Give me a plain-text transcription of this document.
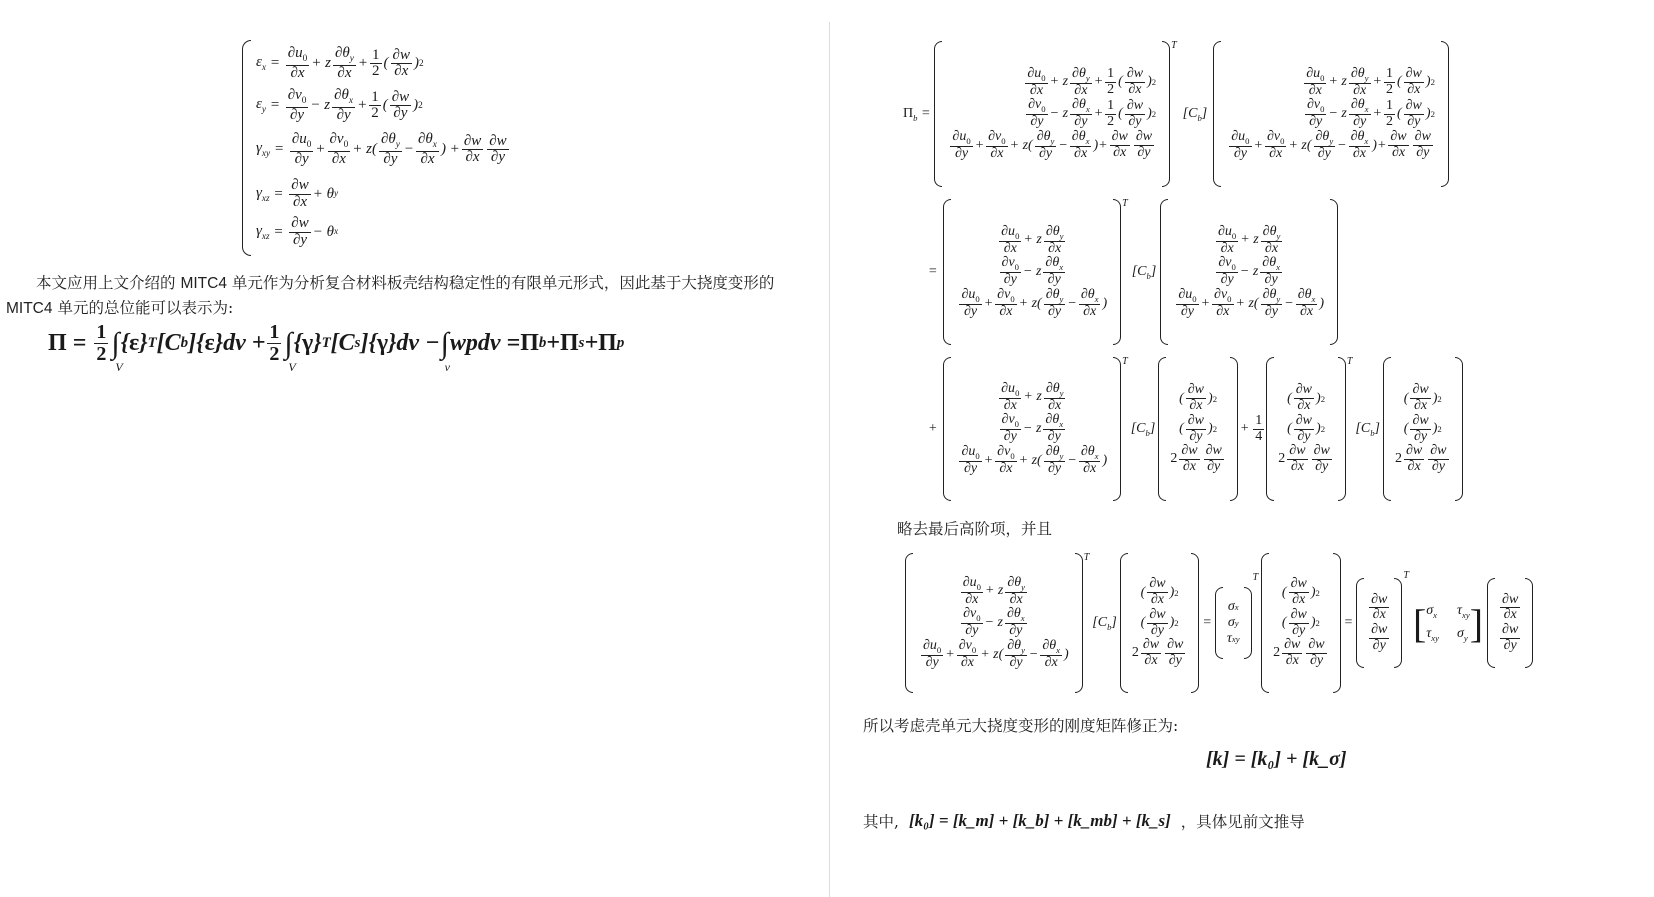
$\varepsilon_x = \frac{\partial u_0}{\partial x} + z \frac{\partial\theta_y}{\partial x} + \frac{1}{2}$ ( $\frac{\partial w}{\partial x}$ ) 2
$\varepsilon_y = \frac{\partial v_0}{\partial y} - z \frac{\partial\theta_x}{\partial y} + \frac{1}{2}$ ( $\frac{\partial w}{\partial y}$ ) 2
$\gamma_{xy} = \frac{\partial u_0}{\partial y} + \frac{\partial v_0}{\partial x} + z( \frac{\partial\theta_y}{\partial y} - \frac{\partial\theta_x}{\partial x}$ ) + $\frac{\partial w}{\partial x} \frac{\partial w}{\partial y}$
$\gamma_{xz} = \frac{\partial w}{\partial x} + \theta$ y
$\gamma_{xz} = \frac{\partial w}{\partial y} - \theta$ x
本文应用上文介绍的 MITC4 单元作为分析复合材料板壳结构稳定性的有限单元形式，因此基于大挠度变形的 MITC4 单元的总位能可以表示为:
$\Pi = \frac{1}{2}$ ∫
V
{ ε } T [C b ]{ ε }$dv + \frac{1}{2}$ ∫
V
{ γ } T [C s ]{ γ }dv − ∫
v
wpdv = Π b + Π s + Π p
$\Pi_b$ =
$\frac{\partial u_0}{\partial x} + z \frac{\partial\theta_y}{\partial x} + \frac{1}{2}$ ( $\frac{\partial w}{\partial x}$ ) 2
$\frac{\partial v_0}{\partial y} - z \frac{\partial\theta_x}{\partial y} + \frac{1}{2}$ ( $\frac{\partial w}{\partial y}$ ) 2
$\frac{\partial u_0}{\partial y} + \frac{\partial v_0}{\partial x} + z( \frac{\partial\theta_y}{\partial y} - \frac{\partial\theta_x}{\partial x}$ )+ $\frac{\partial w}{\partial x} \frac{\partial w}{\partial y}$
T
$[C_b]$
$\frac{\partial u_0}{\partial x} + z \frac{\partial\theta_y}{\partial x} + \frac{1}{2}$ ( $\frac{\partial w}{\partial x}$ ) 2
$\frac{\partial v_0}{\partial y} - z \frac{\partial\theta_x}{\partial y} + \frac{1}{2}$ ( $\frac{\partial w}{\partial y}$ ) 2
$\frac{\partial u_0}{\partial y} + \frac{\partial v_0}{\partial x} + z( \frac{\partial\theta_y}{\partial y} - \frac{\partial\theta_x}{\partial x}$ )+ $\frac{\partial w}{\partial x} \frac{\partial w}{\partial y}$
=
$\frac{\partial u_0}{\partial x} + z \frac{\partial\theta_y}{\partial x}$
$\frac{\partial v_0}{\partial y} - z \frac{\partial\theta_x}{\partial y}$
$\frac{\partial u_0}{\partial y} + \frac{\partial v_0}{\partial x} + z( \frac{\partial\theta_y}{\partial y} - \frac{\partial\theta_x}{\partial x}$ )
T
$[C_b]$
$\frac{\partial u_0}{\partial x} + z \frac{\partial\theta_y}{\partial x}$
$\frac{\partial v_0}{\partial y} - z \frac{\partial\theta_x}{\partial y}$
$\frac{\partial u_0}{\partial y} + \frac{\partial v_0}{\partial x} + z( \frac{\partial\theta_y}{\partial y} - \frac{\partial\theta_x}{\partial x}$ )
+
$\frac{\partial u_0}{\partial x} + z \frac{\partial\theta_y}{\partial x}$
$\frac{\partial v_0}{\partial y} - z \frac{\partial\theta_x}{\partial y}$
$\frac{\partial u_0}{\partial y} + \frac{\partial v_0}{\partial x} + z( \frac{\partial\theta_y}{\partial y} - \frac{\partial\theta_x}{\partial x}$ )
T
$[C_b]$
( $\frac{\partial w}{\partial x}$ ) 2
( $\frac{\partial w}{\partial y}$ ) 2
$2 \frac{\partial w}{\partial x} \frac{\partial w}{\partial y}$
+ $\frac{1}{4}$
( $\frac{\partial w}{\partial x}$ ) 2
( $\frac{\partial w}{\partial y}$ ) 2
$2 \frac{\partial w}{\partial x} \frac{\partial w}{\partial y}$
T
$[C_b]$
( $\frac{\partial w}{\partial x}$ ) 2
( $\frac{\partial w}{\partial y}$ ) 2
$2 \frac{\partial w}{\partial x} \frac{\partial w}{\partial y}$
略去最后高阶项，并且
$\frac{\partial u_0}{\partial x} + z \frac{\partial\theta_y}{\partial x}$
$\frac{\partial v_0}{\partial y} - z \frac{\partial\theta_x}{\partial y}$
$\frac{\partial u_0}{\partial y} + \frac{\partial v_0}{\partial x} + z( \frac{\partial\theta_y}{\partial y} - \frac{\partial\theta_x}{\partial x}$ )
T
$[C_b]$
( $\frac{\partial w}{\partial x}$ ) 2
( $\frac{\partial w}{\partial y}$ ) 2
$2 \frac{\partial w}{\partial x} \frac{\partial w}{\partial y}$
=
σ x
σ y
τ xy
T
( $\frac{\partial w}{\partial x}$ ) 2
( $\frac{\partial w}{\partial y}$ ) 2
$2 \frac{\partial w}{\partial x} \frac{\partial w}{\partial y}$
= $\frac{\partial w}{\partial x}$
$\frac{\partial w}{\partial y}$
T
[ $\sigma_x$ $\tau_{xy}$
$\tau_{xy}$ $\sigma_y$ ] $\frac{\partial w}{\partial x}$
$\frac{\partial w}{\partial y}$
所以考虑壳单元大挠度变形的刚度矩阵修正为:
[k] = [k₀] + [k_σ]
其中, [k₀] = [k_m] + [k_b] + [k_mb] + [k_s] ，具体见前文推导
